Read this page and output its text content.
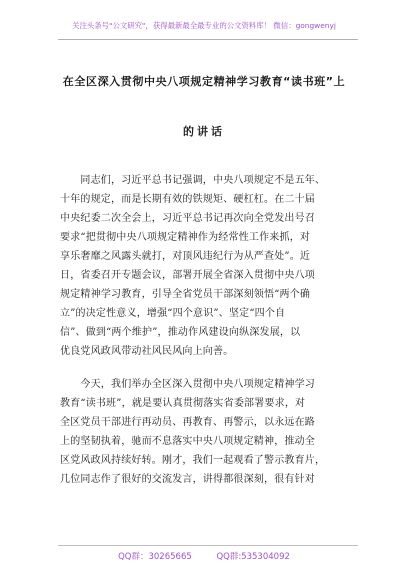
关注头条号"公文研究"，获得最新最全最专业的公文资料库！ 微信：gongwenyj
在全区深入贯彻中央八项规定精神学习教育“读书班”上
的讲话
　　同志们，习近平总书记强调，中央八项规定不是五年、
十年的规定，而是长期有效的铁规矩、硬杠杠。在二十届
中央纪委二次全会上，习近平总书记再次向全党发出号召
要求“把贯彻中央八项规定精神作为经常性工作来抓，对
享乐奢靡之风露头就打，对顶风违纪行为从严查处”。近
日，省委召开专题会议，部署开展全省深入贯彻中央八项
规定精神学习教育，引导全省党员干部深刻领悟“两个确
立”的决定性意义，增强“四个意识”、坚定“四个自
信”、做到“两个维护”，推动作风建设向纵深发展，以
优良党风政风带动社风民风向上向善。
　　今天，我们举办全区深入贯彻中央八项规定精神学习
教育“读书班”，就是要认真贯彻落实省委部署要求，对
全区党员干部进行再动员、再教育、再警示，以永远在路
上的坚韧执着，驰而不息落实中央八项规定精神，推动全
区党风政风持续好转。刚才，我们一起观看了警示教育片，
几位同志作了很好的交流发言，讲得都很深刻，很有针对
QQ群：30265665	QQ群:535304092
